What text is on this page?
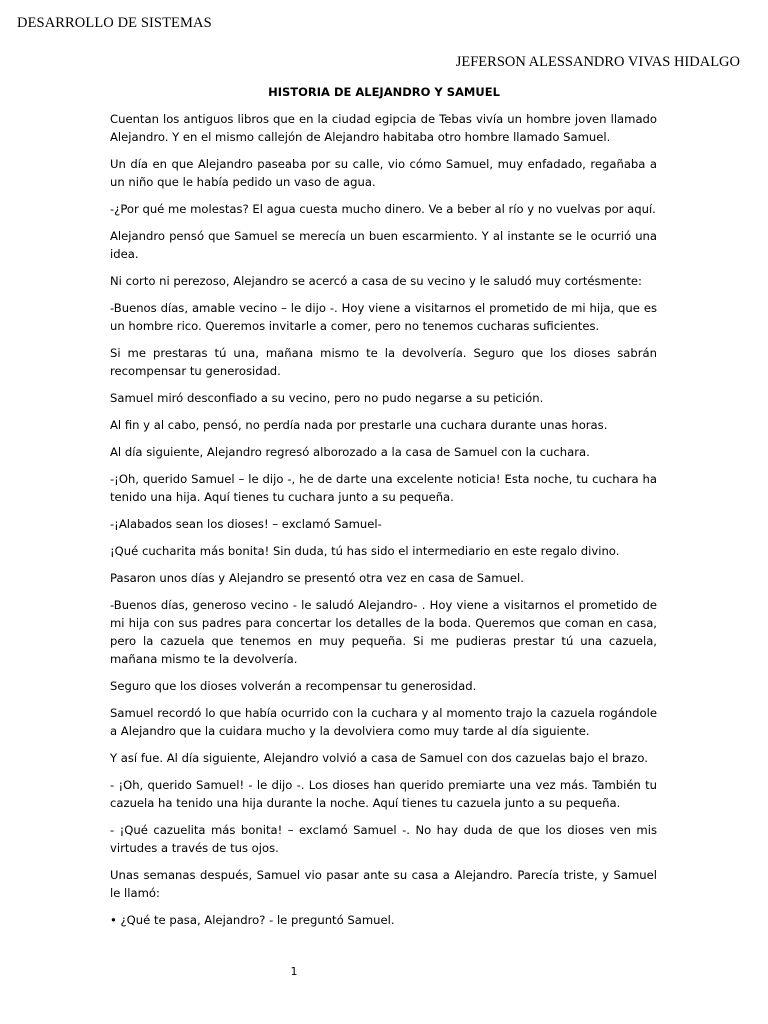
DESARROLLO DE SISTEMAS
JEFERSON ALESSANDRO VIVAS HIDALGO
HISTORIA DE ALEJANDRO Y SAMUEL

Cuentan los antiguos libros que en la ciudad egipcia de Tebas vivía un hombre joven llamado Alejandro. Y en el mismo callejón de Alejandro habitaba otro hombre llamado Samuel.

Un día en que Alejandro paseaba por su calle, vio cómo Samuel, muy enfadado, regañaba a un niño que le había pedido un vaso de agua.

-¿Por qué me molestas? El agua cuesta mucho dinero. Ve a beber al río y no vuelvas por aquí.

Alejandro pensó que Samuel se merecía un buen escarmiento. Y al instante se le ocurrió una idea.

Ni corto ni perezoso, Alejandro se acercó a casa de su vecino y le saludó muy cortésmente:

-Buenos días, amable vecino – le dijo -. Hoy viene a visitarnos el prometido de mi hija, que es un hombre rico. Queremos invitarle a comer, pero no tenemos cucharas suficientes.

Si me prestaras tú una, mañana mismo te la devolvería. Seguro que los dioses sabrán recompensar tu generosidad.

Samuel miró desconfiado a su vecino, pero no pudo negarse a su petición.

Al fin y al cabo, pensó, no perdía nada por prestarle una cuchara durante unas horas.

Al día siguiente, Alejandro regresó alborozado a la casa de Samuel con la cuchara.

-¡Oh, querido Samuel – le dijo -, he de darte una excelente noticia! Esta noche, tu cuchara ha tenido una hija. Aquí tienes tu cuchara junto a su pequeña.

-¡Alabados sean los dioses! – exclamó Samuel-

¡Qué cucharita más bonita! Sin duda, tú has sido el intermediario en este regalo divino.

Pasaron unos días y Alejandro se presentó otra vez en casa de Samuel.

-Buenos días, generoso vecino - le saludó Alejandro- . Hoy viene a visitarnos el prometido de mi hija con sus padres para concertar los detalles de la boda. Queremos que coman en casa, pero la cazuela que tenemos en muy pequeña. Si me pudieras prestar tú una cazuela, mañana mismo te la devolvería.

Seguro que los dioses volverán a recompensar tu generosidad.

Samuel recordó lo que había ocurrido con la cuchara y al momento trajo la cazuela rogándole a Alejandro que la cuidara mucho y la devolviera como muy tarde al día siguiente.

Y así fue. Al día siguiente, Alejandro volvió a casa de Samuel con dos cazuelas bajo el brazo.

- ¡Oh, querido Samuel! - le dijo -. Los dioses han querido premiarte una vez más. También tu cazuela ha tenido una hija durante la noche. Aquí tienes tu cazuela junto a su pequeña.

- ¡Qué cazuelita más bonita! – exclamó Samuel -. No hay duda de que los dioses ven mis virtudes a través de tus ojos.

Unas semanas después, Samuel vio pasar ante su casa a Alejandro. Parecía triste, y Samuel le llamó:

• ¿Qué te pasa, Alejandro? - le preguntó Samuel.

1
